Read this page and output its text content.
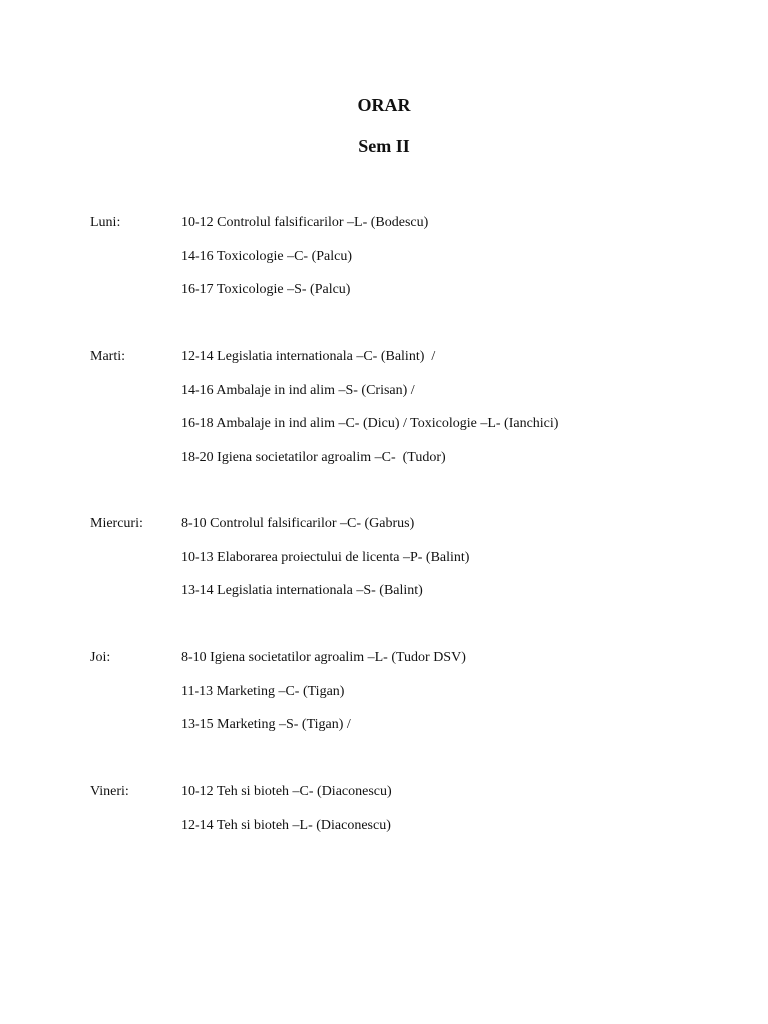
ORAR
Sem II
Luni:	10-12 Controlul falsificarilor –L- (Bodescu)
14-16 Toxicologie –C- (Palcu)
16-17 Toxicologie –S- (Palcu)
Marti:	12-14 Legislatia internationala –C- (Balint)  /
14-16 Ambalaje in ind alim –S- (Crisan) /
16-18 Ambalaje in ind alim –C- (Dicu) / Toxicologie –L- (Ianchici)
18-20 Igiena societatilor agroalim –C-  (Tudor)
Miercuri:	8-10 Controlul falsificarilor –C- (Gabrus)
10-13 Elaborarea proiectului de licenta –P- (Balint)
13-14 Legislatia internationala –S- (Balint)
Joi:	8-10 Igiena societatilor agroalim –L- (Tudor DSV)
11-13 Marketing –C- (Tigan)
13-15 Marketing –S- (Tigan) /
Vineri:	10-12 Teh si bioteh –C- (Diaconescu)
12-14 Teh si bioteh –L- (Diaconescu)
